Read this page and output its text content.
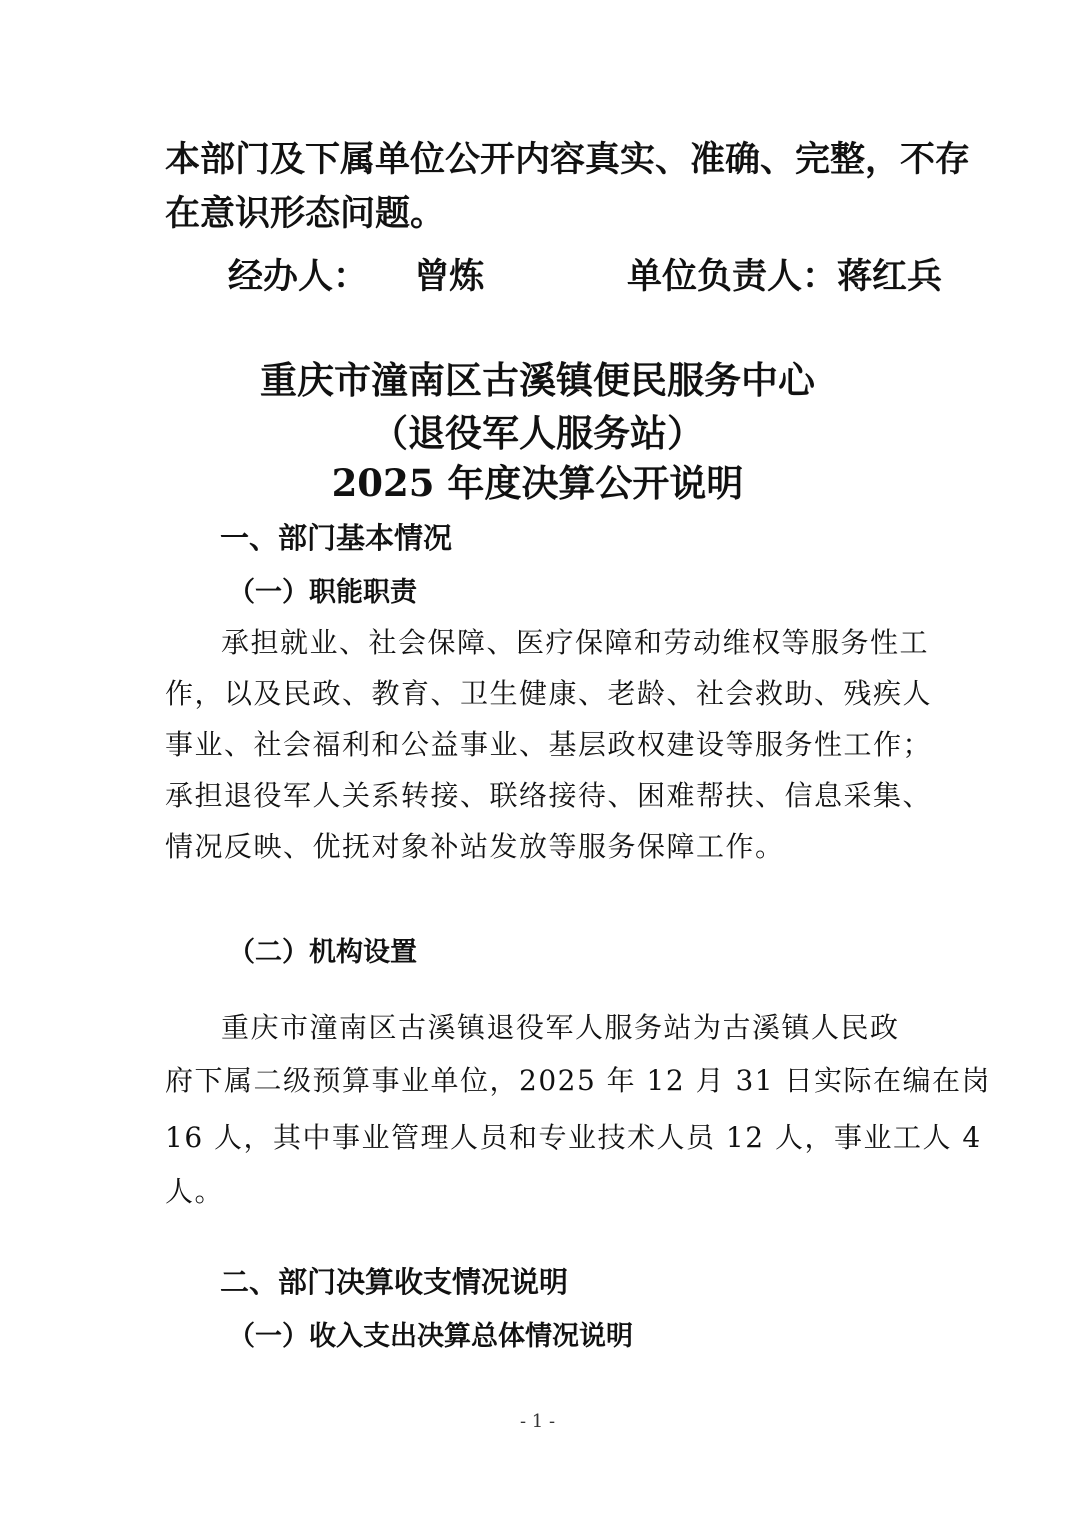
本部门及下属单位公开内容真实、准确、完整，不存
在意识形态问题。
经办人： 曾炼	单位负责人：蒋红兵
重庆市潼南区古溪镇便民服务中心
（退役军人服务站）
2025 年度决算公开说明
一、部门基本情况
（一）职能职责
承担就业、社会保障、医疗保障和劳动维权等服务性工
作，以及民政、教育、卫生健康、老龄、社会救助、残疾人
事业、社会福利和公益事业、基层政权建设等服务性工作；
承担退役军人关系转接、联络接待、困难帮扶、信息采集、
情况反映、优抚对象补站发放等服务保障工作。
（二）机构设置
重庆市潼南区古溪镇退役军人服务站为古溪镇人民政
府下属二级预算事业单位，2025 年 12 月 31 日实际在编在岗
16 人，其中事业管理人员和专业技术人员 12 人，事业工人 4
人。
二、部门决算收支情况说明
（一）收入支出决算总体情况说明
- 1 -
